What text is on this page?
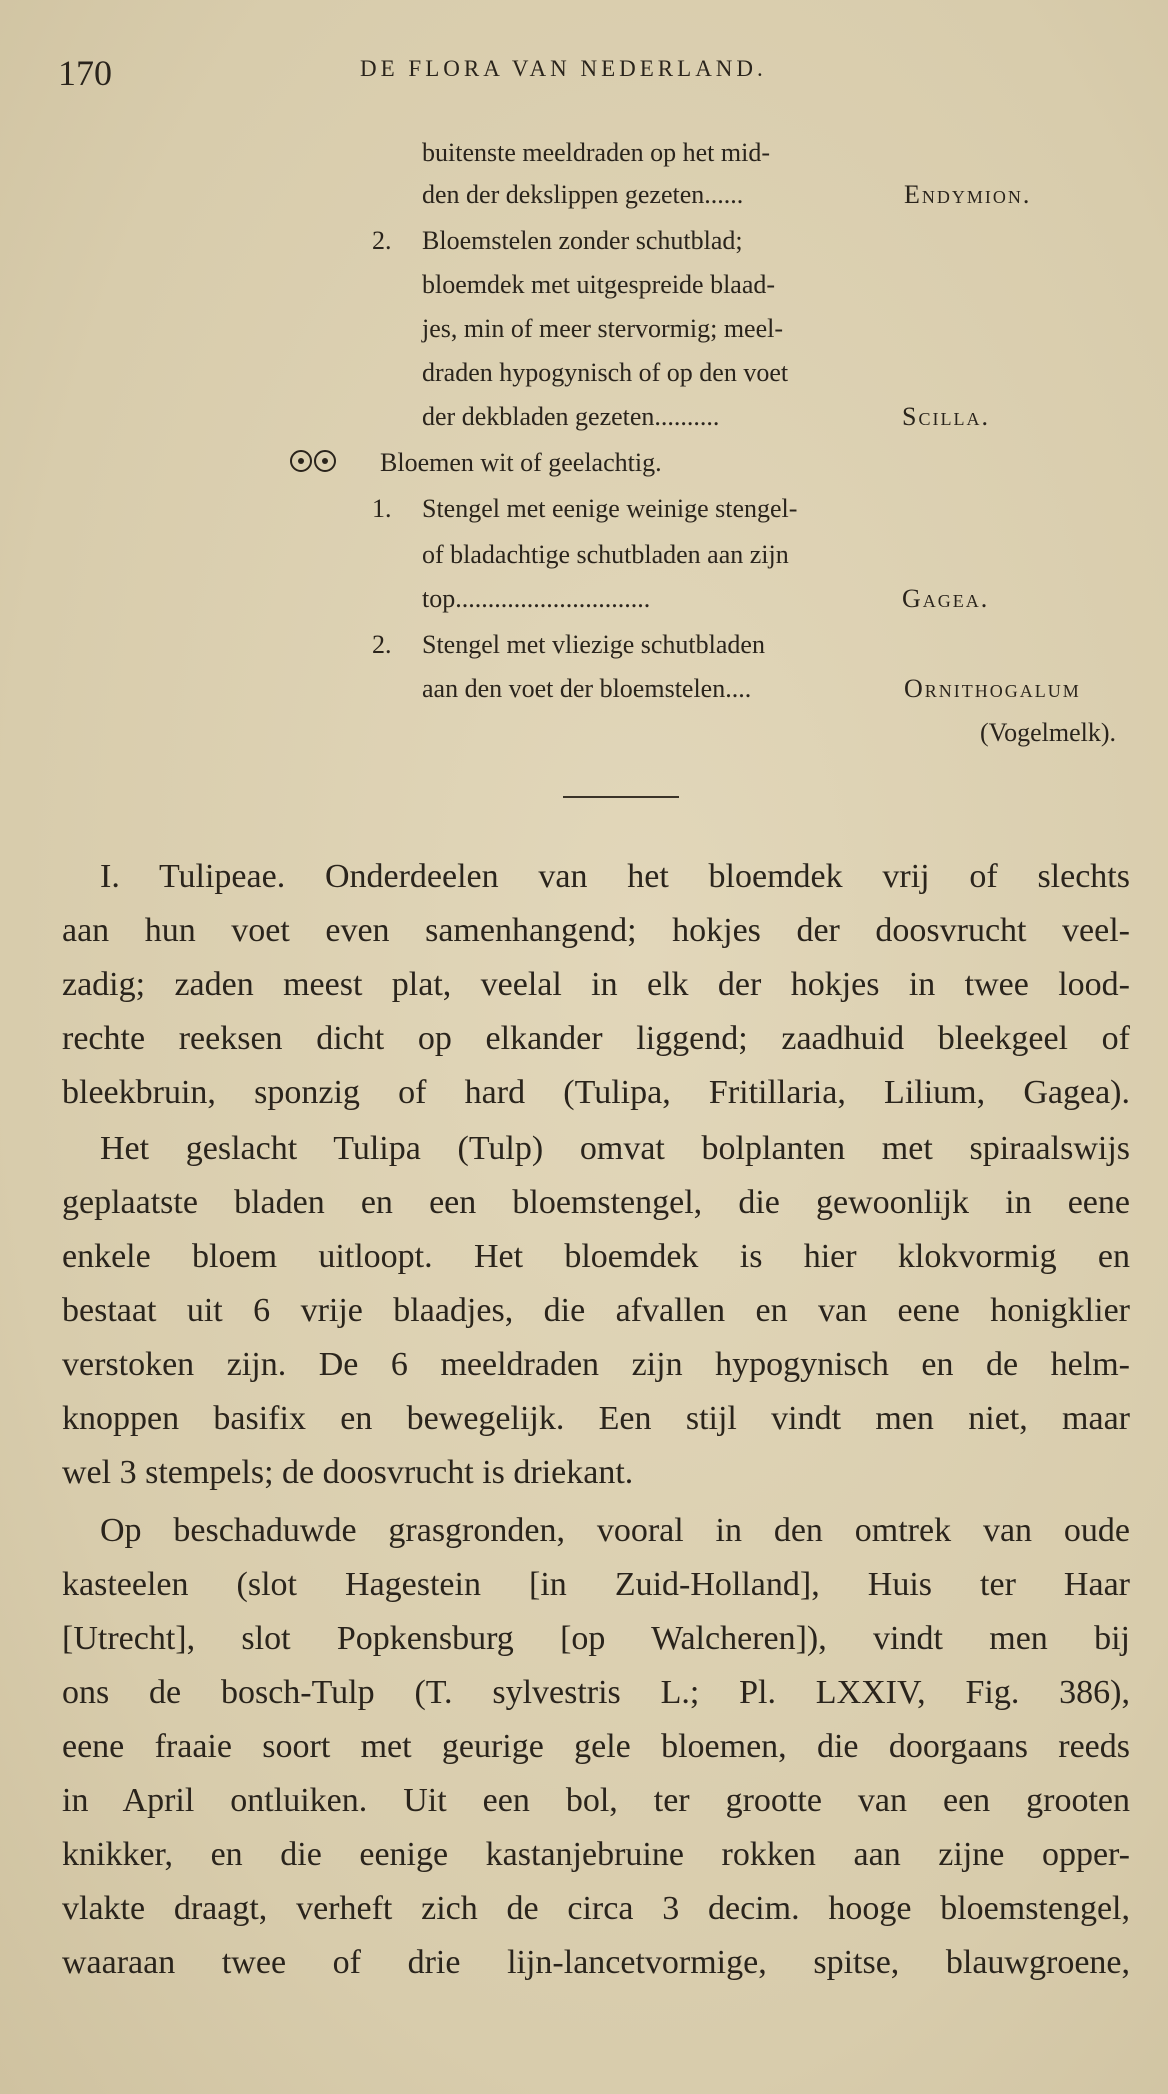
170	DE FLORA VAN NEDERLAND.
buitenste meeldraden op het mid-
den der dekslippen gezeten......	Endymion.
2. Bloemstelen zonder schutblad;
bloemdek met uitgespreide blaad-
jes, min of meer stervormig; meel-
draden hypogynisch of op den voet
der dekbladen gezeten..........	Scilla.
Bloemen wit of geelachtig.
1. Stengel met eenige weinige stengel-
of bladachtige schutbladen aan zijn
top..............................	Gagea.
2. Stengel met vliezige schutbladen
aan den voet der bloemstelen....	Ornithogalum
(Vogelmelk).
I. Tulipeae. Onderdeelen van het bloemdek vrij of slechts
aan hun voet even samenhangend; hokjes der doosvrucht veel-
zadig; zaden meest plat, veelal in elk der hokjes in twee lood-
rechte reeksen dicht op elkander liggend; zaadhuid bleekgeel of
bleekbruin, sponzig of hard (Tulipa, Fritillaria, Lilium, Gagea).
Het geslacht Tulipa (Tulp) omvat bolplanten met spiraalswijs
geplaatste bladen en een bloemstengel, die gewoonlijk in eene
enkele bloem uitloopt. Het bloemdek is hier klokvormig en
bestaat uit 6 vrije blaadjes, die afvallen en van eene honigklier
verstoken zijn. De 6 meeldraden zijn hypogynisch en de helm-
knoppen basifix en bewegelijk. Een stijl vindt men niet, maar
wel 3 stempels; de doosvrucht is driekant.
Op beschaduwde grasgronden, vooral in den omtrek van oude
kasteelen (slot Hagestein [in Zuid-Holland], Huis ter Haar
[Utrecht], slot Popkensburg [op Walcheren]), vindt men bij
ons de bosch-Tulp (T. sylvestris L.; Pl. LXXIV, Fig. 386),
eene fraaie soort met geurige gele bloemen, die doorgaans reeds
in April ontluiken. Uit een bol, ter grootte van een grooten
knikker, en die eenige kastanjebruine rokken aan zijne opper-
vlakte draagt, verheft zich de circa 3 decim. hooge bloemstengel,
waaraan twee of drie lijn-lancetvormige, spitse, blauwgroene,
